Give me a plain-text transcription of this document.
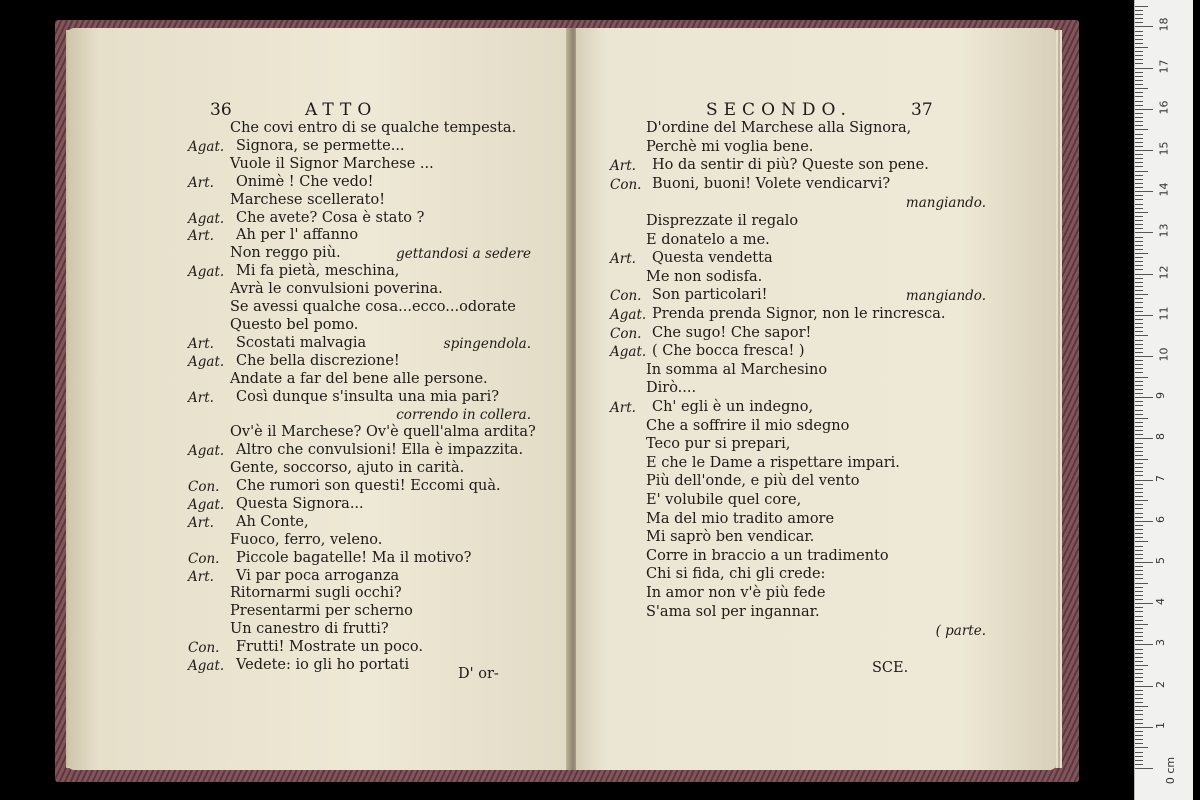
36	ATTO
Che covi entro di se qualche tempesta.
Agat. Signora, se permette...
Vuole il Signor Marchese ...
Art. Onimè ! Che vedo!
Marchese scellerato!
Agat. Che avete? Cosa è stato ?
Art. Ah per l' affanno
Non reggo più.	gettandosi a sedere
Agat. Mi fa pietà, meschina,
Avrà le convulsioni poverina.
Se avessi qualche cosa...ecco...odorate
Questo bel pomo.
Art. Scostati malvagia	spingendola.
Agat. Che bella discrezione!
Andate a far del bene alle persone.
Art. Così dunque s'insulta una mia pari?
correndo in collera.
Ov'è il Marchese? Ov'è quell'alma ardita?
Agat. Altro che convulsioni! Ella è impazzita.
Gente, soccorso, ajuto in carità.
Con. Che rumori son questi! Eccomi quà.
Agat. Questa Signora...
Art. Ah Conte,
Fuoco, ferro, veleno.
Con. Piccole bagatelle! Ma il motivo?
Art. Vi par poca arroganza
Ritornarmi sugli occhi?
Presentarmi per scherno
Un canestro di frutti?
Con. Frutti! Mostrate un poco.
Agat. Vedete: io gli ho portati
D' or-
SECONDO.	37
D'ordine del Marchese alla Signora,
Perchè mi voglia bene.
Art. Ho da sentir di più? Queste son pene.
Con. Buoni, buoni! Volete vendicarvi?
mangiando.
Disprezzate il regalo
E donatelo a me.
Art. Questa vendetta
Me non sodisfa.
Con. Son particolari!	mangiando.
Agat. Prenda prenda Signor, non le rincresca.
Con. Che sugo! Che sapor!
Agat. ( Che bocca fresca! )
In somma al Marchesino
Dirò....
Art. Ch' egli è un indegno,
Che a soffrire il mio sdegno
Teco pur si prepari,
E che le Dame a rispettare impari.
Più dell'onde, e più del vento
E' volubile quel core,
Ma del mio tradito amore
Mi saprò ben vendicar.
Corre in braccio a un tradimento
Chi si fida, chi gli crede:
In amor non v'è più fede
S'ama sol per ingannar.
( parte.
SCE.
0 cm
1
2
3
4
5
6
7
8
9
10
11
12
13
14
15
16
17
18
